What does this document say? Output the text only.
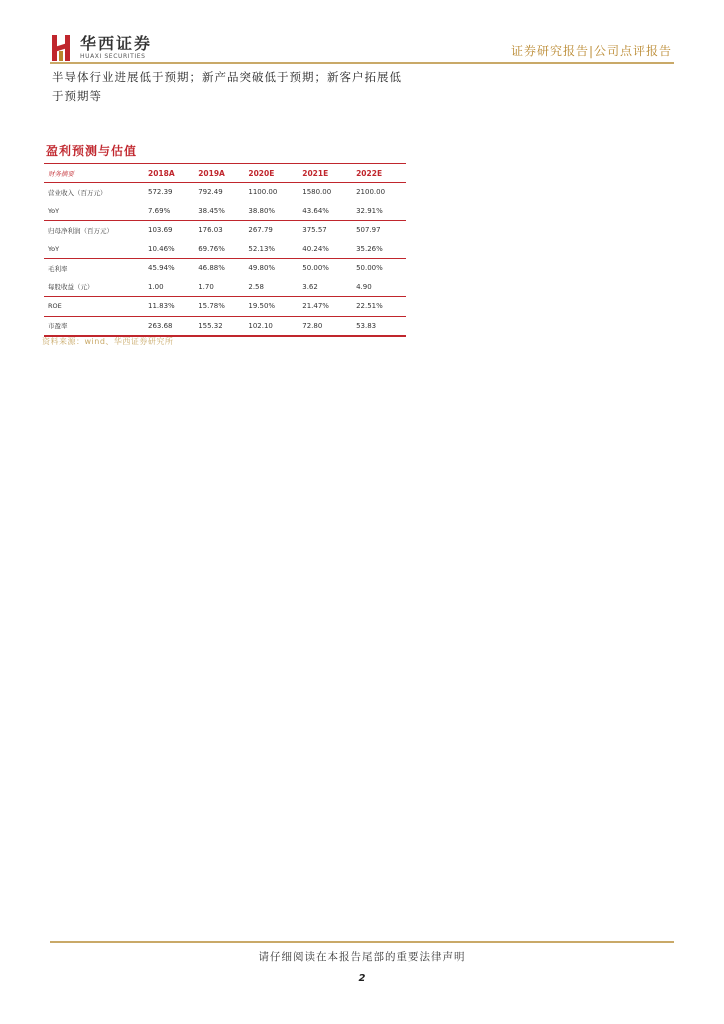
华西证券
HUAXI SECURITIES	证券研究报告|公司点评报告
半导体行业进展低于预期；新产品突破低于预期；新客户拓展低于预期等
盈利预测与估值
财务摘要	2018A	2019A	2020E	2021E	2022E
营业收入（百万元）	572.39	792.49	1100.00	1580.00	2100.00
YoY	7.69%	38.45%	38.80%	43.64%	32.91%
归母净利润（百万元）	103.69	176.03	267.79	375.57	507.97
YoY	10.46%	69.76%	52.13%	40.24%	35.26%
毛利率	45.94%	46.88%	49.80%	50.00%	50.00%
每股收益（元）	1.00	1.70	2.58	3.62	4.90
ROE	11.83%	15.78%	19.50%	21.47%	22.51%
市盈率	263.68	155.32	102.10	72.80	53.83
资料来源：wind、华西证券研究所
请仔细阅读在本报告尾部的重要法律声明
2
